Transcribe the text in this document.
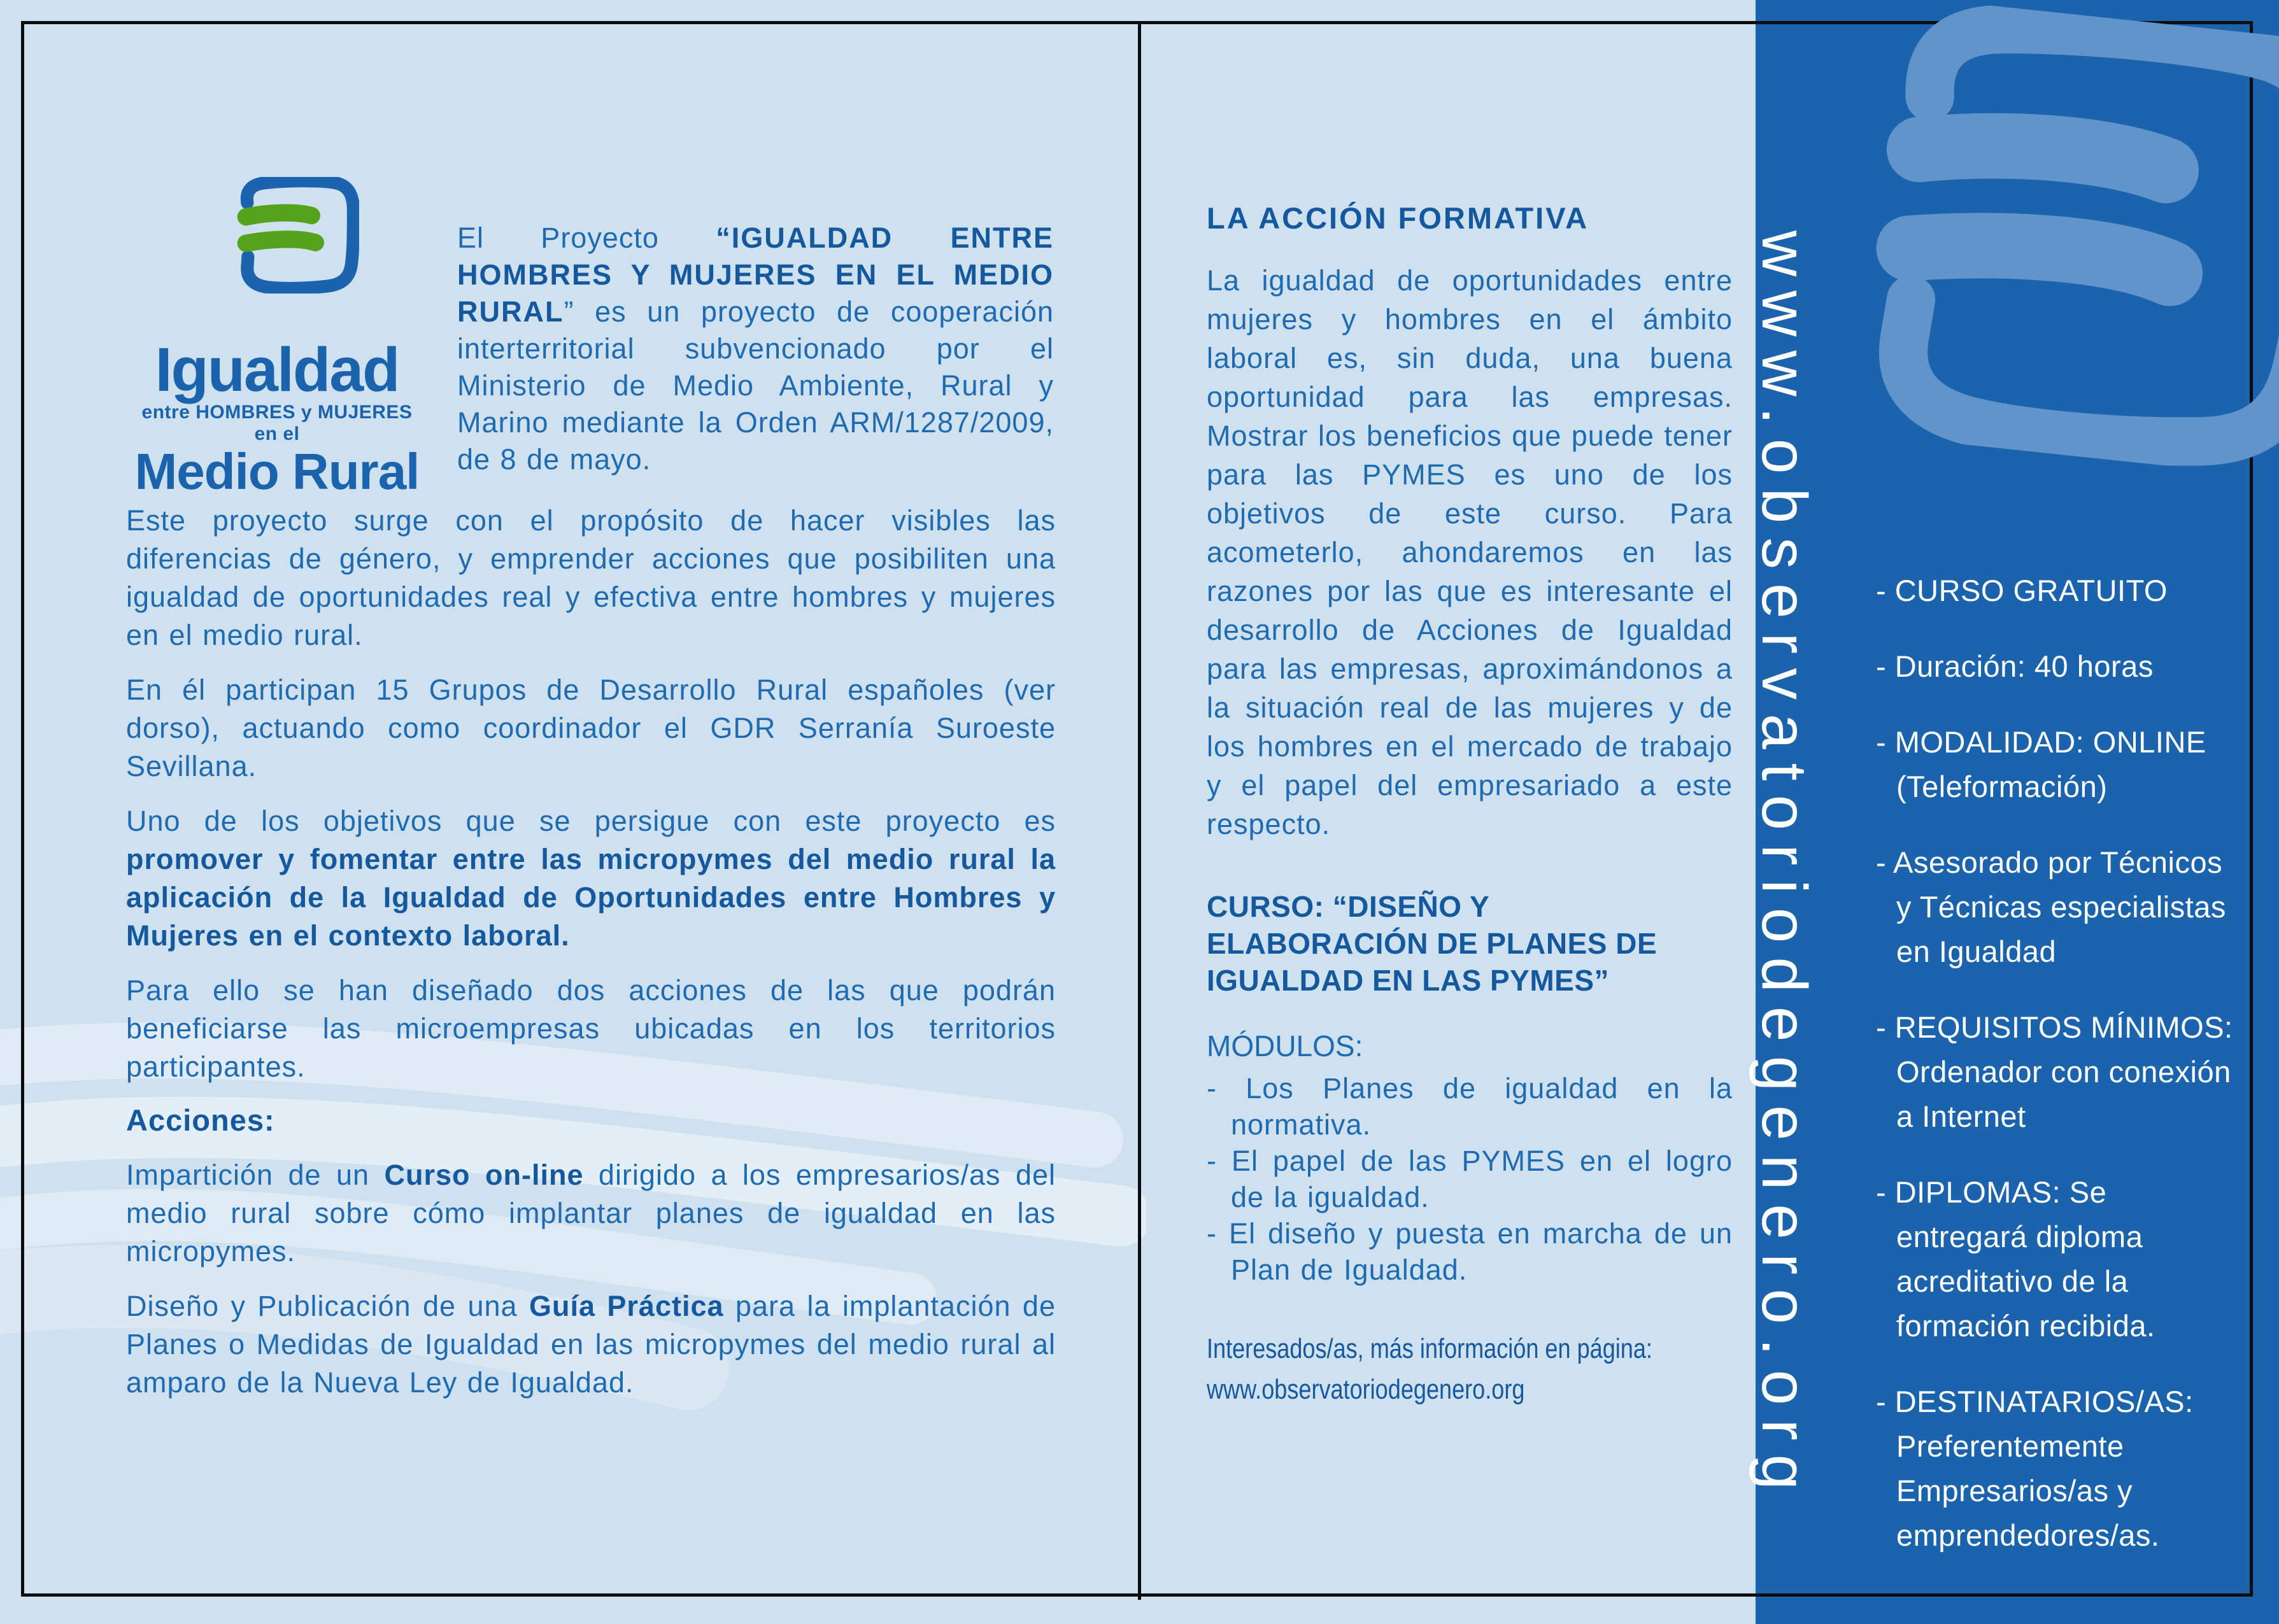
Igualdad
entre HOMBRES y MUJERES en el
Medio Rural

El Proyecto “IGUALDAD ENTRE HOMBRES Y MUJERES EN EL MEDIO RURAL” es un proyecto de cooperación interterritorial subvencionado por el Ministerio de Medio Ambiente, Rural y Marino mediante la Orden ARM/1287/2009, de 8 de mayo.

Este proyecto surge con el propósito de hacer visibles las diferencias de género, y emprender acciones que posibiliten una igualdad de oportunidades real y efectiva entre hombres y mujeres en el medio rural.

En él participan 15 Grupos de Desarrollo Rural españoles (ver dorso), actuando como coordinador el GDR Serranía Suroeste Sevillana.

Uno de los objetivos que se persigue con este proyecto es promover y fomentar entre las micropymes del medio rural la aplicación de la Igualdad de Oportunidades entre Hombres y Mujeres en el contexto laboral.

Para ello se han diseñado dos acciones de las que podrán beneficiarse las microempresas ubicadas en los territorios participantes.

Acciones:

Impartición de un Curso on-line dirigido a los empresarios/as del medio rural sobre cómo implantar planes de igualdad en las micropymes.

Diseño y Publicación de una Guía Práctica para la implantación de Planes o Medidas de Igualdad en las micropymes del medio rural al amparo de la Nueva Ley de Igualdad.

LA ACCIÓN FORMATIVA

La igualdad de oportunidades entre mujeres y hombres en el ámbito laboral es, sin duda, una buena oportunidad para las empresas. Mostrar los beneficios que puede tener para las PYMES es uno de los objetivos de este curso. Para acometerlo, ahondaremos en las razones por las que es interesante el desarrollo de Acciones de Igualdad para las empresas, aproximándonos a la situación real de las mujeres y de los hombres en el mercado de trabajo y el papel del empresariado a este respecto.

CURSO: “DISEÑO Y ELABORACIÓN DE PLANES DE IGUALDAD EN LAS PYMES”
MÓDULOS:
- Los Planes de igualdad en la normativa.
- El papel de las PYMES en el logro de la igualdad.
- El diseño y puesta en marcha de un Plan de Igualdad.
Interesados/as, más información en página:
www.observatoriodegenero.org	www.observatoriodegenero.org - CURSO GRATUITO
- Duración: 40 horas
- MODALIDAD: ONLINE (Teleformación)
- Asesorado por Técnicos y Técnicas especialistas en Igualdad
- REQUISITOS MÍNIMOS: Ordenador con conexión a Internet
- DIPLOMAS: Se entregará diploma acreditativo de la formación recibida.
- DESTINATARIOS/AS: Preferentemente Empresarios/as y emprendedores/as.
